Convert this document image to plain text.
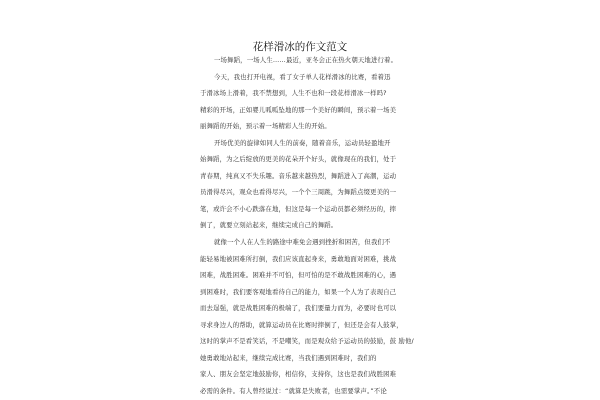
花样滑冰的作文范文
一场舞蹈，一场人生……最近，亚冬会正在热火朝天地进行着。
今天，我也打开电视，看了女子单人花样滑冰的比赛，看着迅
于滑冰场上滑着，我不禁想到，人生不也和一段花样滑冰一样吗?
精彩的开场，正如婴儿呱呱坠地的那一个美好的瞬间，预示着一场美
丽舞蹈的开始，预示着一场精彩人生的开始。
开场优美的旋律如同人生的前奏，随着音乐，运动员轻盈地开
始舞蹈，为之后绽放的更美的花朵开个好头，就像现在的我们，处于
青春期，纯真又不失乐趣。音乐越来越热烈，舞蹈进入了高潮，运动
员滑得尽兴，观众也看得尽兴，一个个三周跳，为舞蹈点缀更美的一
笔，或许会不小心跌落在地，但这是每一个运动员都必须经历的，摔
倒了，就要立刻站起来，继续完成自己的舞蹈。
就像一个人在人生的路途中难免会遇到挫折和困苦，但我们不
能轻易地被困难所打倒，我们应该直起身来，勇敢地面对困难，挑战
困难，战胜困难。困难并不可怕，但可怕的是不敢战胜困难的心，遇
到困难时，我们要客观地看待自己的能力，如果一个人为了表现自己
而去逞强，就是战胜困难的极端了，我们要量力而为，必要时也可以
寻求身边人的帮助，就算运动员在比赛时摔倒了，但还是会有人鼓掌，
这时的掌声不是看笑话，不是嘲笑，而是观众给予运动员的鼓励，鼓 励他/
她勇敢地站起来，继续完成比赛，当我们遇到困难时，我们的
家人、朋友会坚定地鼓励你，相信你，支持你，这也是我们战胜困难
必需的条件。有人曾经说过：“就算是失败者，也需要掌声。”不论
